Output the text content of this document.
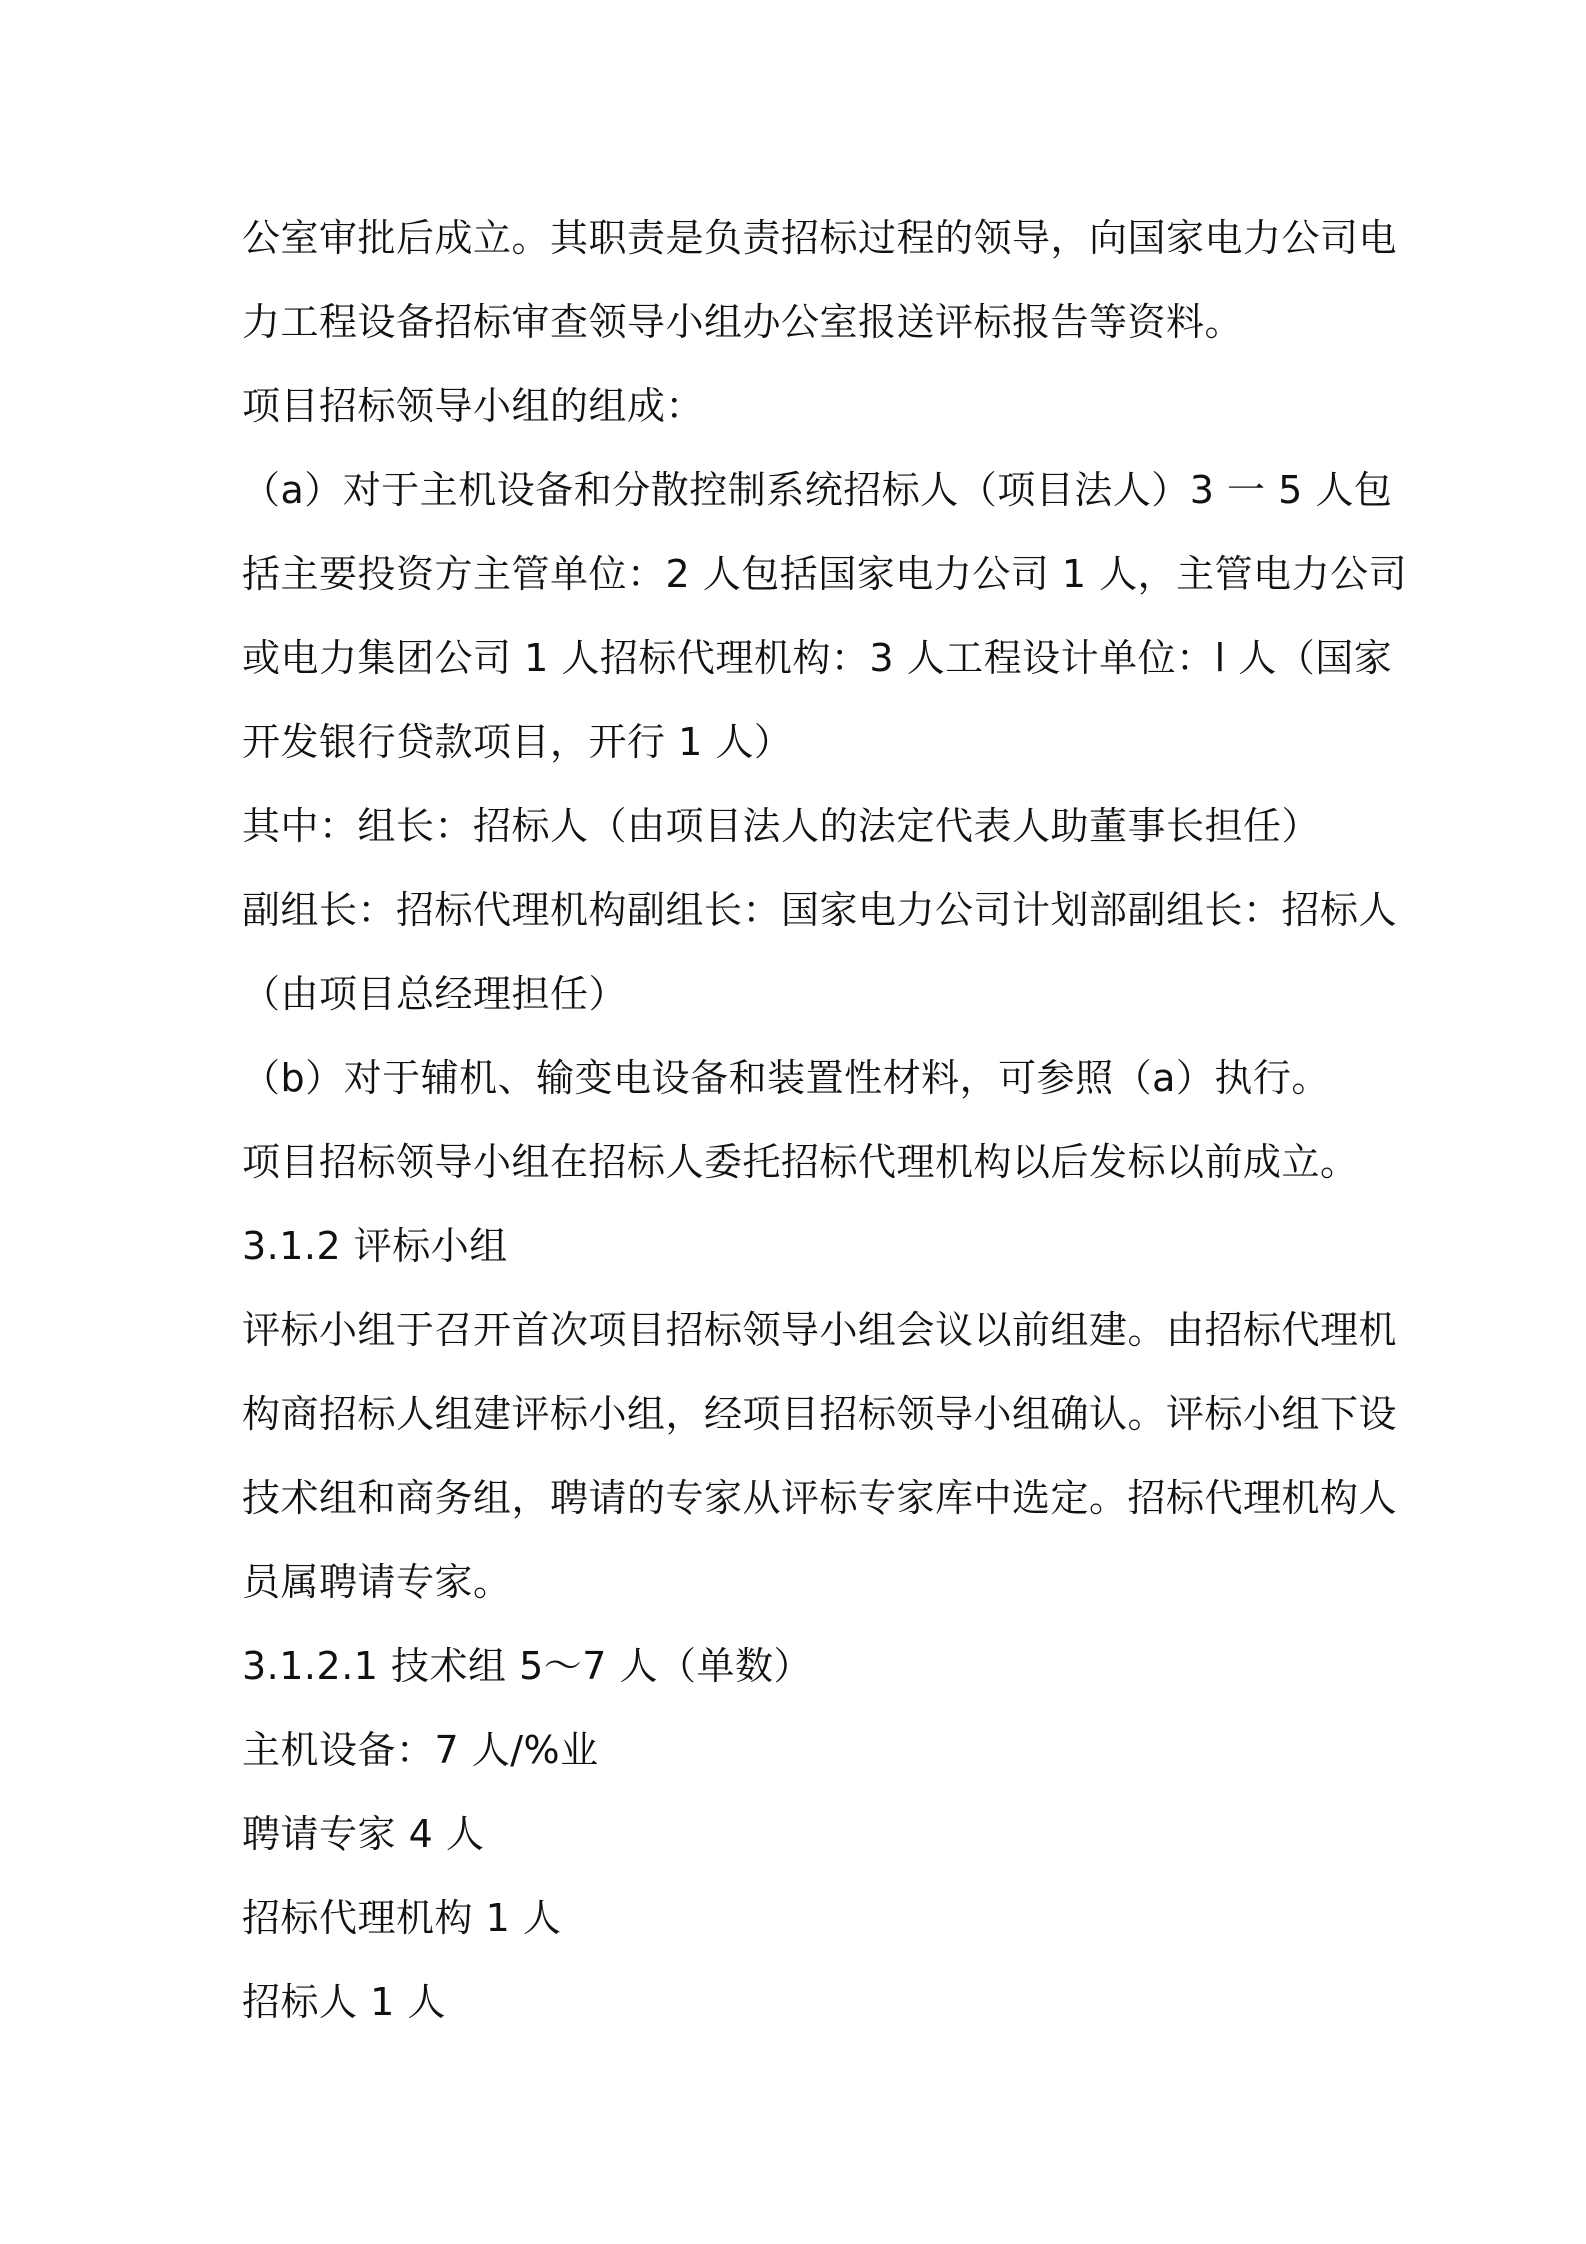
公室审批后成立。其职责是负责招标过程的领导，向国家电力公司电
力工程设备招标审查领导小组办公室报送评标报告等资料。
项目招标领导小组的组成：
（a）对于主机设备和分散控制系统招标人（项目法人）3 一 5 人包
括主要投资方主管单位：2 人包括国家电力公司 1 人，主管电力公司
或电力集团公司 1 人招标代理机构：3 人工程设计单位：l 人（国家
开发银行贷款项目，开行 1 人）
其中：组长：招标人（由项目法人的法定代表人助董事长担任）
副组长：招标代理机构副组长：国家电力公司计划部副组长：招标人
（由项目总经理担任）
（b）对于辅机、输变电设备和装置性材料，可参照（a）执行。
项目招标领导小组在招标人委托招标代理机构以后发标以前成立。
3.1.2 评标小组
评标小组于召开首次项目招标领导小组会议以前组建。由招标代理机
构商招标人组建评标小组，经项目招标领导小组确认。评标小组下设
技术组和商务组，聘请的专家从评标专家库中选定。招标代理机构人
员属聘请专家。
3.1.2.1 技术组 5～7 人（单数）
主机设备：7 人/%业
聘请专家 4 人
招标代理机构 1 人
招标人 1 人
